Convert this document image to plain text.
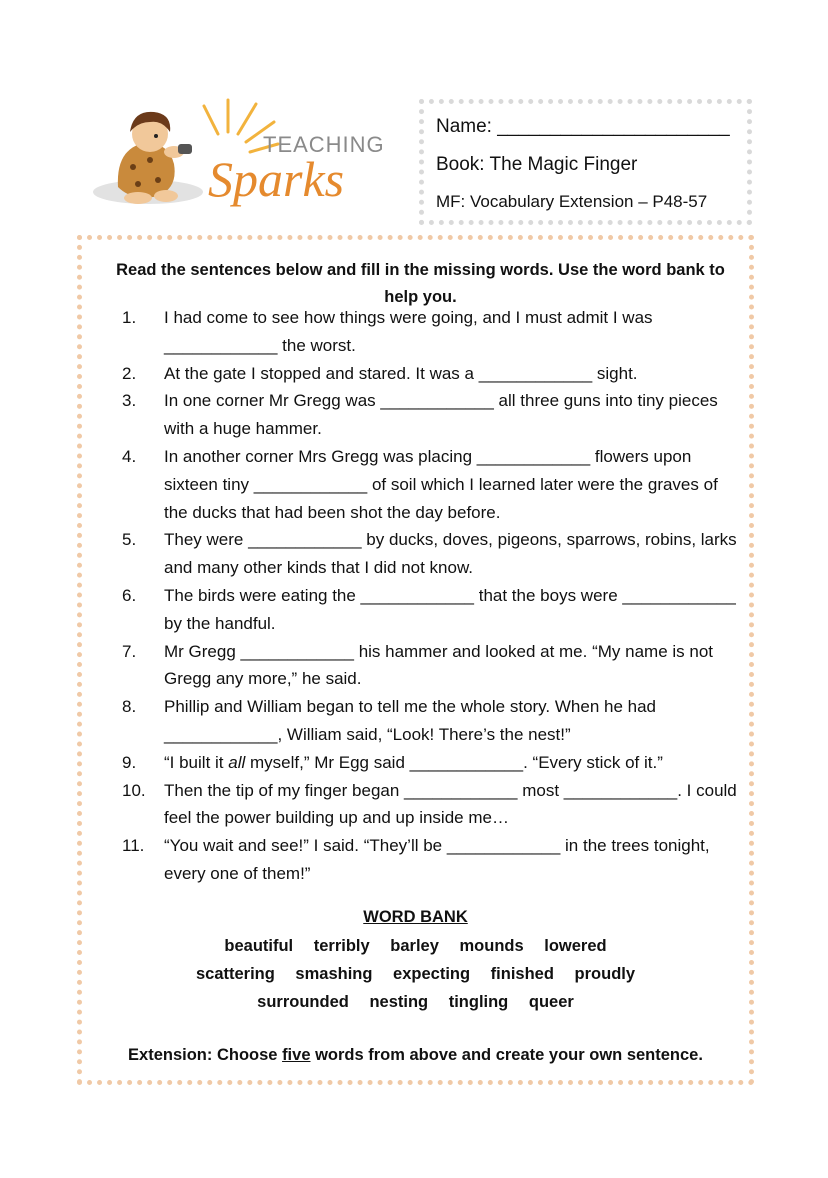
TEACHING
Sparks
Name: ______________________
Book: The Magic Finger
MF: Vocabulary Extension – P48-57
Read the sentences below and fill in the missing words. Use the word bank to help you.
1. I had come to see how things were going, and I must admit I was ____________ the worst.
2. At the gate I stopped and stared. It was a ____________ sight.
3. In one corner Mr Gregg was ____________ all three guns into tiny pieces with a huge hammer.
4. In another corner Mrs Gregg was placing ____________ flowers upon sixteen tiny ____________ of soil which I learned later were the graves of the ducks that had been shot the day before.
5. They were ____________ by ducks, doves, pigeons, sparrows, robins, larks and many other kinds that I did not know.
6. The birds were eating the ____________ that the boys were ____________ by the handful.
7. Mr Gregg ____________ his hammer and looked at me. “My name is not Gregg any more,” he said.
8. Phillip and William began to tell me the whole story. When he had ____________, William said, “Look! There’s the nest!”
9. “I built it all myself,” Mr Egg said ____________. “Every stick of it.”
10. Then the tip of my finger began ____________ most ____________. I could feel the power building up and up inside me…
11. “You wait and see!” I said. “They’ll be ____________ in the trees tonight, every one of them!”
WORD BANK
beautiful terribly barley mounds lowered
scattering smashing expecting finished proudly
surrounded nesting tingling queer
Extension: Choose five words from above and create your own sentence.
